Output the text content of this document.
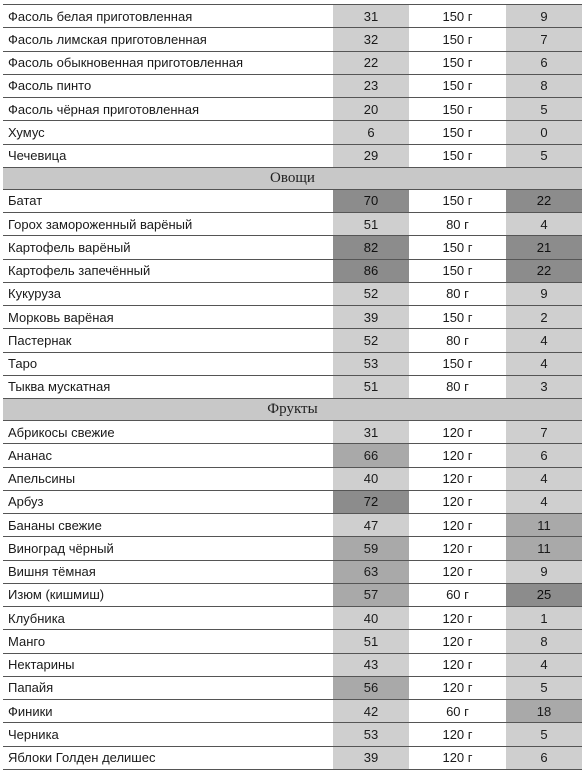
Фасоль белая приготовленная	31	150 г	9
Фасоль лимская приготовленная	32	150 г	7
Фасоль обыкновенная приготовленная	22	150 г	6
Фасоль пинто	23	150 г	8
Фасоль чёрная приготовленная	20	150 г	5
Хумус	6	150 г	0
Чечевица	29	150 г	5
Овощи			
Батат	70	150 г	22
Горох замороженный варёный	51	80 г	4
Картофель варёный	82	150 г	21
Картофель запечённый	86	150 г	22
Кукуруза	52	80 г	9
Морковь варёная	39	150 г	2
Пастернак	52	80 г	4
Таро	53	150 г	4
Тыква мускатная	51	80 г	3
Фрукты			
Абрикосы свежие	31	120 г	7
Ананас	66	120 г	6
Апельсины	40	120 г	4
Арбуз	72	120 г	4
Бананы свежие	47	120 г	11
Виноград чёрный	59	120 г	11
Вишня тёмная	63	120 г	9
Изюм (кишмиш)	57	60 г	25
Клубника	40	120 г	1
Манго	51	120 г	8
Нектарины	43	120 г	4
Папайя	56	120 г	5
Финики	42	60 г	18
Черника	53	120 г	5
Яблоки Голден делишес	39	120 г	6
